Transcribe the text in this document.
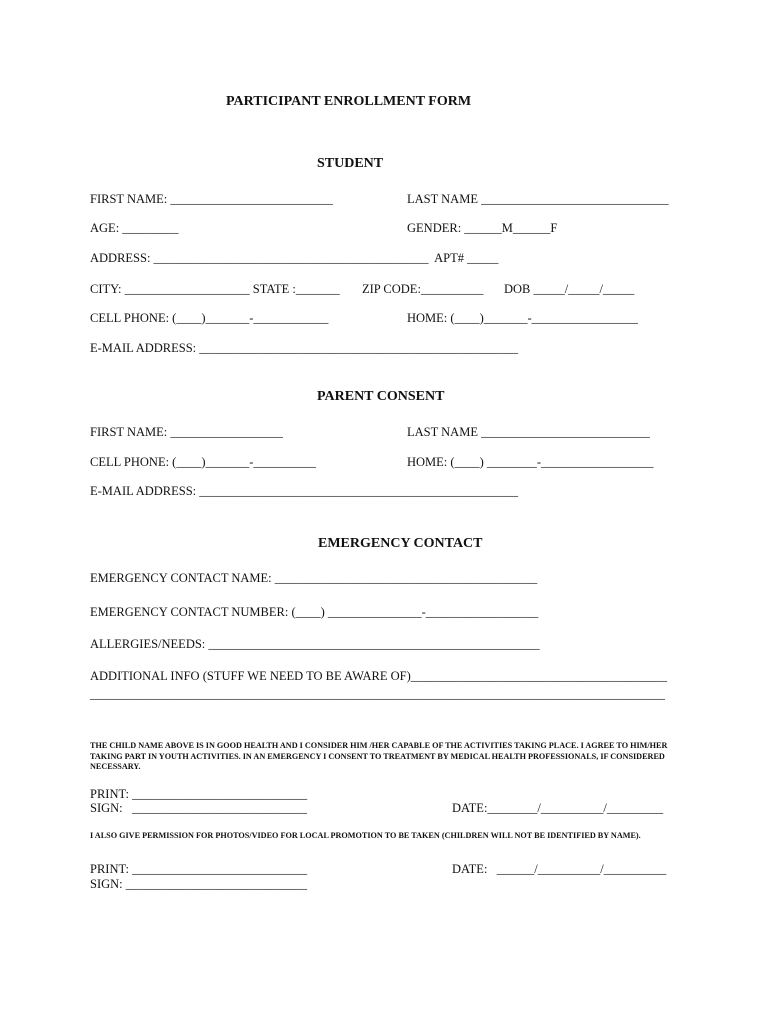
PARTICIPANT ENROLLMENT FORM
STUDENT
FIRST NAME: __________________________	LAST NAME ______________________________
AGE: _________	GENDER: ______M______F
ADDRESS: ____________________________________________  APT# _____
CITY: ____________________ STATE :_______ ZIP CODE:__________ DOB _____/_____/_____
CELL PHONE: (____)_______-____________	HOME: (____)_______-_________________
E-MAIL ADDRESS: ___________________________________________________
PARENT CONSENT
FIRST NAME: __________________	LAST NAME ___________________________
CELL PHONE: (____)_______-__________	HOME: (____) ________-__________________
E-MAIL ADDRESS: ___________________________________________________
EMERGENCY CONTACT
EMERGENCY CONTACT NAME: __________________________________________
EMERGENCY CONTACT NUMBER: (____) _______________-__________________
ALLERGIES/NEEDS: _____________________________________________________
ADDITIONAL INFO (STUFF WE NEED TO BE AWARE OF)_________________________________________
____________________________________________________________________________________________
THE CHILD NAME ABOVE IS IN GOOD HEALTH AND I CONSIDER HIM /HER CAPABLE OF THE ACTIVITIES TAKING PLACE. I AGREE TO HIM/HER TAKING PART IN YOUTH ACTIVITIES. IN AN EMERGENCY I CONSENT TO TREATMENT BY MEDICAL HEALTH PROFESSIONALS, IF CONSIDERED NECESSARY.
PRINT: ____________________________
SIGN:   ____________________________	DATE:________/__________/_________
I ALSO GIVE PERMISSION FOR PHOTOS/VIDEO FOR LOCAL PROMOTION TO BE TAKEN (CHILDREN WILL NOT BE IDENTIFIED BY NAME).
PRINT: ____________________________	DATE:   ______/__________/__________
SIGN: _____________________________
